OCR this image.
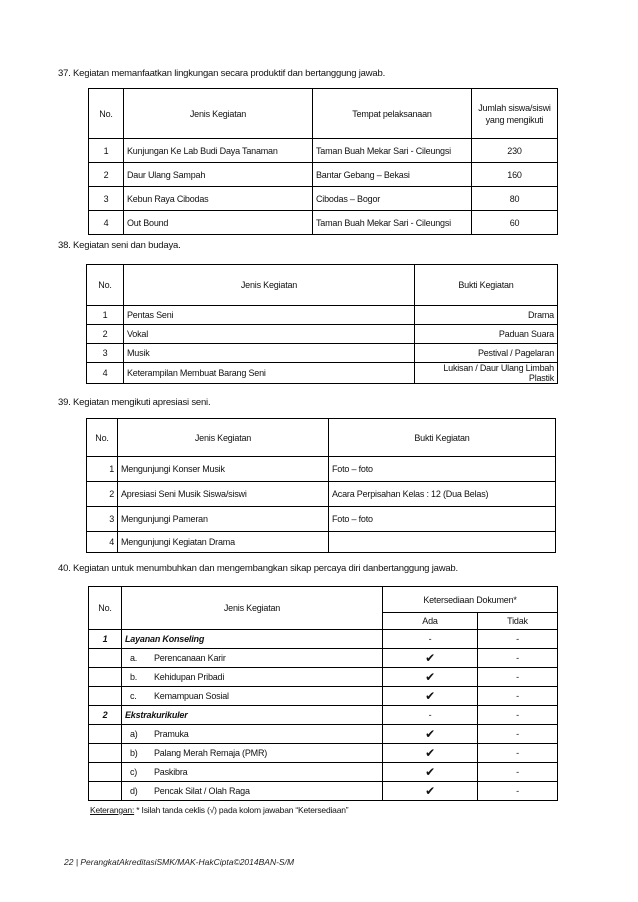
37. Kegiatan memanfaatkan lingkungan secara produktif dan bertanggung jawab.
No.	Jenis Kegiatan	Tempat pelaksanaan	Jumlah siswa/siswi
yang mengikuti
1	Kunjungan Ke Lab Budi Daya Tanaman	Taman Buah Mekar Sari - Cileungsi	230
2	Daur Ulang Sampah	Bantar Gebang – Bekasi	160
3	Kebun Raya Cibodas	Cibodas – Bogor	80
4	Out Bound	Taman Buah Mekar Sari - Cileungsi	60
38. Kegiatan seni dan budaya.
No.	Jenis Kegiatan	Bukti Kegiatan
1	Pentas Seni	Drama
2	Vokal	Paduan Suara
3	Musik	Pestival / Pagelaran
4	Keterampilan Membuat Barang Seni	Lukisan / Daur Ulang Limbah Plastik
39. Kegiatan mengikuti apresiasi seni.
No.	Jenis Kegiatan	Bukti Kegiatan
1	Mengunjungi Konser Musik	Foto – foto
2	Apresiasi Seni Musik Siswa/siswi	Acara Perpisahan Kelas : 12 (Dua Belas)
3	Mengunjungi Pameran	Foto – foto
4	Mengunjungi Kegiatan Drama	
40. Kegiatan untuk menumbuhkan dan mengembangkan sikap percaya diri danbertanggung jawab.
No.	Jenis Kegiatan	Ketersediaan Dokumen*	
		Ada	Tidak
1	Layanan Konseling	-	-
	a. Perencanaan Karir	✔	-
	b. Kehidupan Pribadi	✔	-
	c. Kemampuan Sosial	✔	-
2	Ekstrakurikuler	-	-
	a) Pramuka	✔	-
	b) Palang Merah Remaja (PMR)	✔	-
	c) Paskibra	✔	-
	d) Pencak Silat / Olah Raga	✔	-
Keterangan: * Isilah tanda ceklis (√) pada kolom jawaban “Ketersediaan”
22 | PerangkatAkreditasiSMK/MAK-HakCipta©2014BAN-S/M
